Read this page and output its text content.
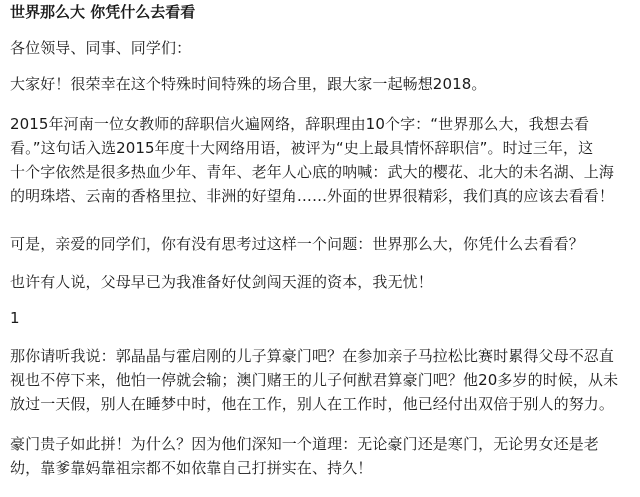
世界那么大 你凭什么去看看

各位领导、同事、同学们：

大家好！很荣幸在这个特殊时间特殊的场合里，跟大家一起畅想2018。

2015年河南一位女教师的辞职信火遍网络，辞职理由10个字：“世界那么大，我想去看
看。”这句话入选2015年度十大网络用语，被评为“史上最具情怀辞职信”。时过三年，这
十个字依然是很多热血少年、青年、老年人心底的呐喊：武大的樱花、北大的未名湖、上海
的明珠塔、云南的香格里拉、非洲的好望角……外面的世界很精彩，我们真的应该去看看！

可是，亲爱的同学们，你有没有思考过这样一个问题：世界那么大，你凭什么去看看？

也许有人说，父母早已为我准备好仗剑闯天涯的资本，我无忧！

1

那你请听我说：郭晶晶与霍启刚的儿子算豪门吧？在参加亲子马拉松比赛时累得父母不忍直
视也不停下来，他怕一停就会输；澳门赌王的儿子何猷君算豪门吧？他20多岁的时候，从未
放过一天假，别人在睡梦中时，他在工作，别人在工作时，他已经付出双倍于别人的努力。

豪门贵子如此拼！为什么？因为他们深知一个道理：无论豪门还是寒门，无论男女还是老
幼，靠爹靠妈靠祖宗都不如依靠自己打拼实在、持久！
